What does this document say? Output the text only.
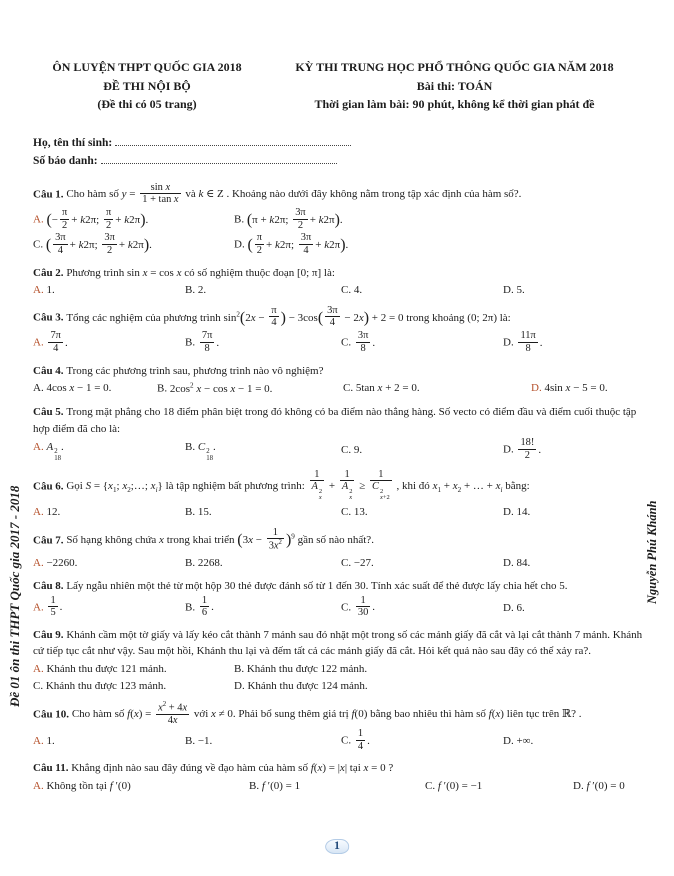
ÔN LUYỆN THPT QUỐC GIA 2018
ĐỀ THI NỘI BỘ
(Đề thi có 05 trang)
KỲ THI TRUNG HỌC PHỔ THÔNG QUỐC GIA NĂM 2018
Bài thi: TOÁN
Thời gian làm bài: 90 phút, không kể thời gian phát đề
Họ, tên thí sinh:
Số báo danh:

Câu 1. Cho hàm số $y = \frac{\text{sin x}}{\text{1 + tan x}}$ và k ∈ Z . Khoảng nào dưới đây không nằm trong tập xác định của hàm số?.

A. (− $\frac{\pi}{2} + k2\pi$; $\frac{\pi}{2} + k2\pi$).	B. (π + k2π; $\frac{3\pi}{2} + k2\pi$).
C. ( $\frac{3\pi}{4} + k2\pi$; $\frac{3\pi}{2} + k2\pi$).	D. ( $\frac{\pi}{2} + k2\pi$; $\frac{3\pi}{4} + k2\pi$).

Câu 2. Phương trình sin x = cos x có số nghiệm thuộc đoạn [0; π] là:

A. 1.	B. 2.	C. 4.	D. 5.

Câu 3. Tổng các nghiệm của phương trình $\sin^2(2x - \frac{\pi}{4}$ ) − $3\cos( \frac{3\pi}{4} - 2x) + 2 = 0$ trong khoảng (0; 2π) là:

A. $\frac{7\pi}{4}$ .	B. $\frac{7\pi}{8}$ .	C. $\frac{3\pi}{8}$ .	D. $\frac{11\pi}{8}$ .

Câu 4. Trong các phương trình sau, phương trình nào vô nghiệm?

A. 4cos x − 1 = 0.	B. $2\cos^2$ x − cos x − 1 = 0.	C. 5tan x + 2 = 0.	D. 4sin x − 5 = 0.

Câu 5. Trong mặt phẳng cho 18 điểm phân biệt trong đó không có ba điểm nào thẳng hàng. Số vecto có điểm đầu và điểm cuối thuộc tập hợp điểm đã cho là:

A. A 2
18
.	B. C 2
18
.	C. 9.	D. $\frac{18!}{2}$ .

Câu 6. Gọi $S = \{x_1$; $x_2;\dots$; $x_i$} là tập nghiệm bất phương trình: 1
A 2
x + 1
A 2
x ≥ 1
C 2
x+2 , khi đó $x_1 + x_2$ + … + $x_i$ bằng:

A. 12.	B. 15.	C. 13.	D. 14.

Câu 7. Số hạng không chứa x trong khai triển $(3x - \frac{1}{3x^2} )^9$ gần số nào nhất?.

A. −2260.	B. 2268.	C. −27.	D. 84.

Câu 8. Lấy ngẫu nhiên một thẻ từ một hộp 30 thẻ được đánh số từ 1 đến 30. Tính xác suất để thẻ được lấy chia hết cho 5.

A. $\frac{1}{5}$ .	B. $\frac{1}{6}$ .	C. $\frac{1}{30}$ .	D. 6.

Câu 9. Khánh cầm một tờ giấy và lấy kéo cắt thành 7 mảnh sau đó nhặt một trong số các mảnh giấy đã cắt và lại cắt thành 7 mảnh. Khánh cứ tiếp tục cắt như vậy. Sau một hồi, Khánh thu lại và đếm tất cả các mảnh giấy đã cắt. Hỏi kết quả nào sau đây có thể xảy ra?.

A. Khánh thu được 121 mảnh.	B. Khánh thu được 122 mảnh.
C. Khánh thu được 123 mảnh.	D. Khánh thu được 124 mảnh.

Câu 10. Cho hàm số $f(x) = \frac{x^2 + 4x}{4x}$ với x ≠ 0. Phải bổ sung thêm giá trị f(0) bằng bao nhiêu thì hàm số f(x) liên tục trên ℝ? .

A. 1.	B. −1.	C. $\frac{1}{4}$ .	D. +∞.

Câu 11. Khẳng định nào sau đây đúng về đạo hàm của hàm số f(x) = |x| tại x = 0 ?

A. Không tồn tại f ′(0)	B. f ′(0) = 1	C. f ′(0) = −1	D. f ′(0) = 0
Đề 01 ôn thi THPT Quốc gia 2017 - 2018	Nguyễn Phú Khánh
1
